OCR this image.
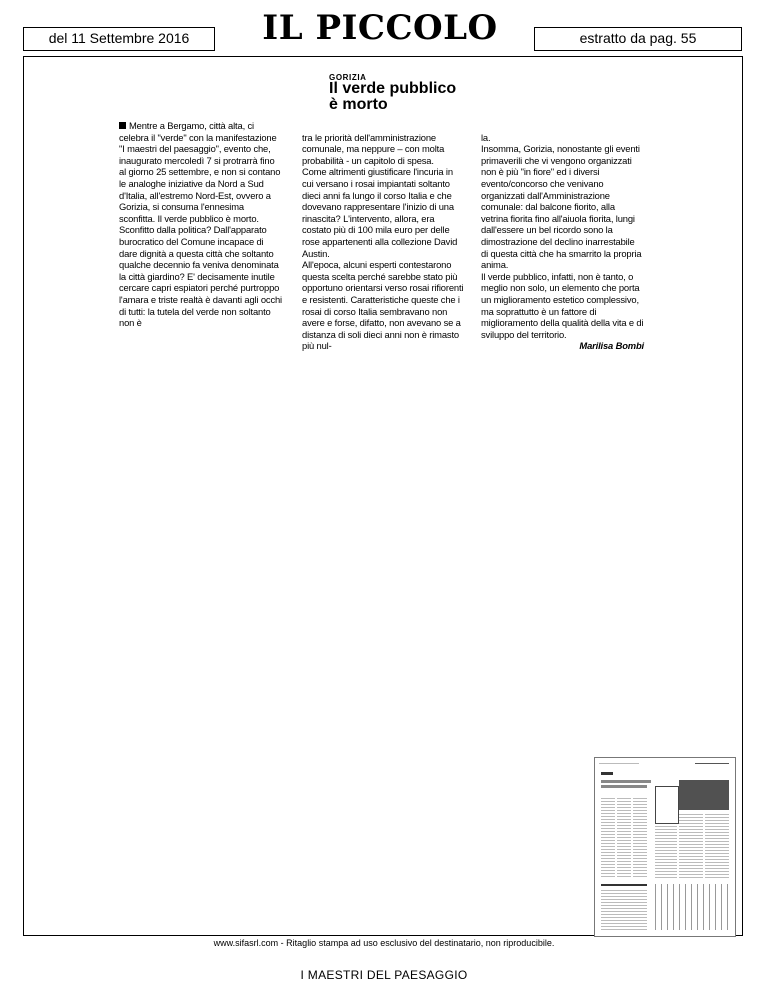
del 11 Settembre 2016	IL PICCOLO	estratto da pag. 55
GORIZIA
Il verde pubblico
è morto
Mentre a Bergamo, città alta, ci celebra il "verde" con la manifestazione "I maestri del paesaggio", evento che, inaugurato mercoledì 7 si protrarrà fino al giorno 25 settembre, e non si contano le analoghe iniziative da Nord a Sud d'Italia, all'estremo Nord-Est, ovvero a Gorizia, si consuma l'ennesima sconfitta. Il verde pubblico è morto. Sconfitto dalla politica? Dall'apparato burocratico del Comune incapace di dare dignità a questa città che soltanto qualche decennio fa veniva denominata la città giardino? E' decisamente inutile cercare capri espiatori perché purtroppo l'amara e triste realtà è davanti agli occhi di tutti: la tutela del verde non soltanto non è

tra le priorità dell'amministrazione comunale, ma neppure – con molta probabilità - un capitolo di spesa.
Come altrimenti giustificare l'incuria in cui versano i rosai impiantati soltanto dieci anni fa lungo il corso Italia e che dovevano rappresentare l'inizio di una rinascita? L'intervento, allora, era costato più di 100 mila euro per delle rose appartenenti alla collezione David Austin.
All'epoca, alcuni esperti contestarono questa scelta perché sarebbe stato più opportuno orientarsi verso rosai rifiorenti e resistenti. Caratteristiche queste che i rosai di corso Italia sembravano non avere e forse, difatto, non avevano se a distanza di soli dieci anni non è rimasto più nul-

la.
Insomma, Gorizia, nonostante gli eventi primaverili che vi vengono organizzati non è più "in fiore" ed i diversi evento/concorso che venivano organizzati dall'Amministrazione comunale: dal balcone fiorito, alla vetrina fiorita fino all'aiuola fiorita, lungi dall'essere un bel ricordo sono la dimostrazione del declino inarrestabile di questa città che ha smarrito la propria anima.
Il verde pubblico, infatti, non è tanto, o meglio non solo, un elemento che porta un miglioramento estetico complessivo, ma soprattutto è un fattore di miglioramento della qualità della vita e di sviluppo del territorio.

Marilisa Bombi

www.sifasrl.com - Ritaglio stampa ad uso esclusivo del destinatario, non riproducibile.
I MAESTRI DEL PAESAGGIO
